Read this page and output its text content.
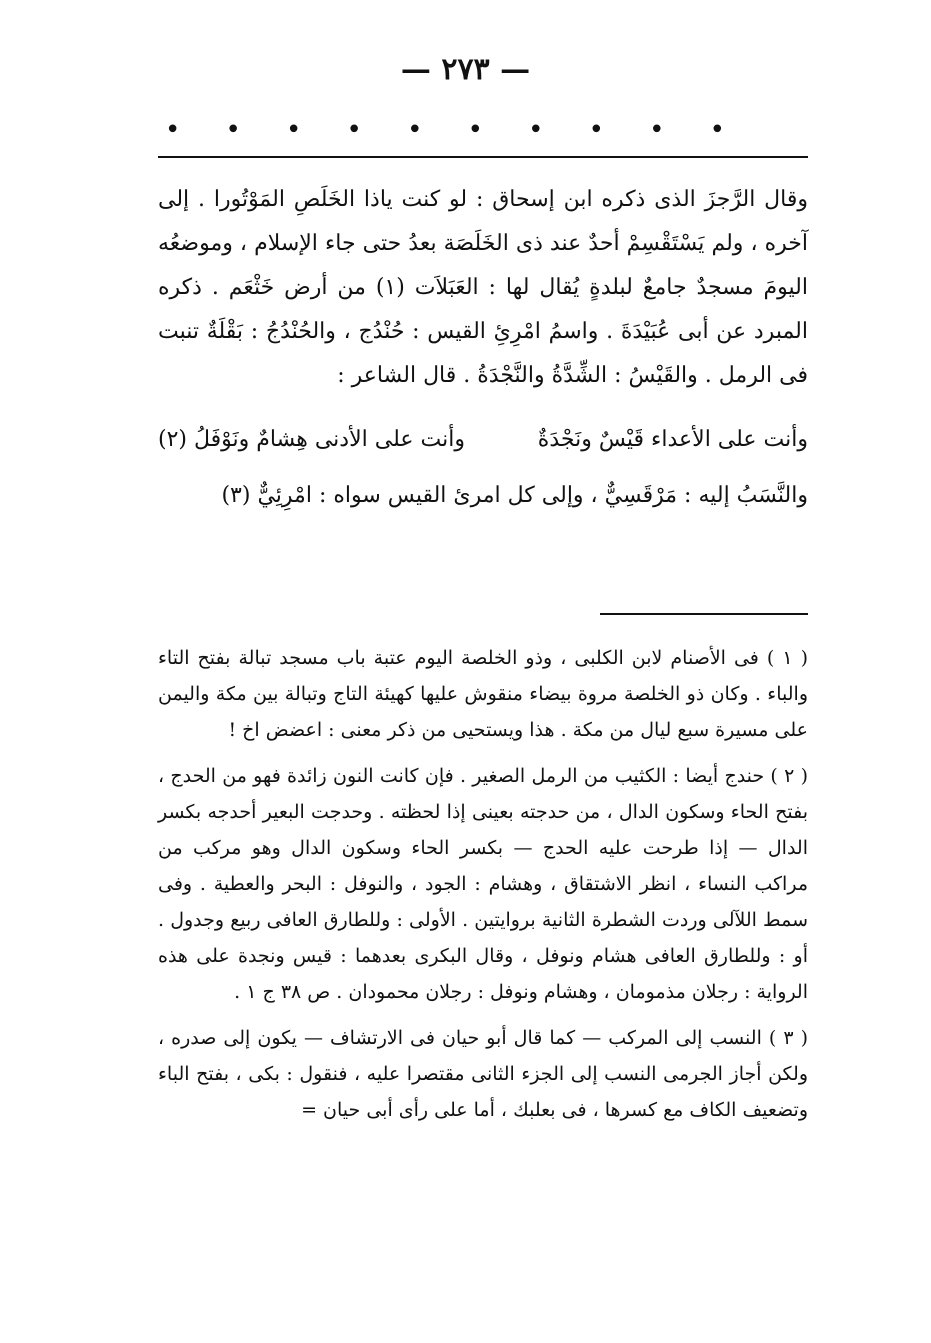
— ٢٧٣ —
• • • • • • • • • •

وقال الرَّجزَ الذى ذكره ابن إسحاق : لو كنت ياذا الخَلَصِ المَوْتُورا . إلى آخره ، ولم يَسْتَقْسِمْ أحدٌ عند ذى الخَلَصَة بعدُ حتى جاء الإسلام ، وموضعُه اليومَ مسجدٌ جامعٌ لبلدةٍ يُقال لها : العَبَلاَت (١) من أرض خَثْعَم . ذكره المبرد عن أبى عُبَيْدَةَ . واسمُ امْرِئِ القيس : حُنْدُج ، والحُنْدُجُ : بَقْلَةٌ تنبت فى الرمل . والقَيْسُ : الشِّدَّةُ والنَّجْدَةُ . قال الشاعر :

وأنت على الأعداء قَيْسٌ ونَجْدَةٌ
وأنت على الأدنى هِشامٌ ونَوْفَلُ (٢)

والنَّسَبُ إليه : مَرْقَسِيٌّ ، وإلى كل امرئ القيس سواه : امْرِئِيٌّ (٣)

( ١ ) فى الأصنام لابن الكلبى ، وذو الخلصة اليوم عتبة باب مسجد تبالة بفتح التاء والباء . وكان ذو الخلصة مروة بيضاء منقوش عليها كهيئة التاج وتبالة بين مكة واليمن على مسيرة سبع ليال من مكة . هذا ويستحيى من ذكر معنى : اعضض اخ !

( ٢ ) حندج أيضا : الكثيب من الرمل الصغير . فإن كانت النون زائدة فهو من الحدج ، بفتح الحاء وسكون الدال ، من حدجته بعينى إذا لحظته . وحدجت البعير أحدجه بكسر الدال — إذا طرحت عليه الحدج — بكسر الحاء وسكون الدال وهو مركب من مراكب النساء ، انظر الاشتقاق ، وهشام : الجود ، والنوفل : البحر والعطية . وفى سمط اللآلى وردت الشطرة الثانية بروايتين . الأولى : وللطارق العافى ربيع وجدول . أو : وللطارق العافى هشام ونوفل ، وقال البكرى بعدهما : قيس ونجدة على هذه الرواية : رجلان مذمومان ، وهشام ونوفل : رجلان محمودان . ص ٣٨ ج ١ .

( ٣ ) النسب إلى المركب — كما قال أبو حيان فى الارتشاف — يكون إلى صدره ، ولكن أجاز الجرمى النسب إلى الجزء الثانى مقتصرا عليه ، فنقول : بكى ، بفتح الباء وتضعيف الكاف مع كسرها ، فى بعلبك ، أما على رأى أبى حيان =
